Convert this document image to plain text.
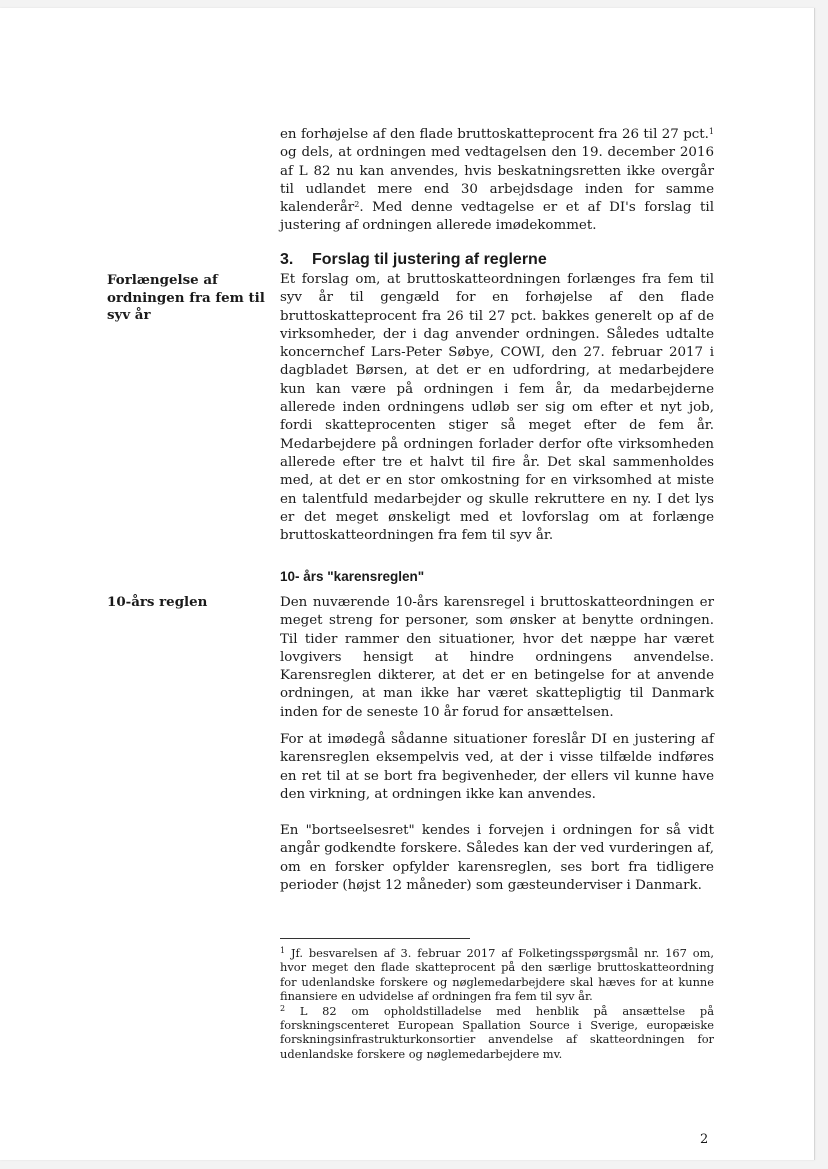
en forhøjelse af den flade bruttoskatteprocent fra 26 til 27 pct.$^1$ og dels, at ordningen med vedtagelsen den 19. december 2016 af L 82 nu kan anvendes, hvis beskatningsretten ikke overgår til udlandet mere end 30 arbejdsdage inden for samme kalenderår$^2$. Med denne vedtagelse er et af DI's forslag til justering af ordningen allerede imødekommet.

3. Forslag til justering af reglerne

Forlængelse af ordningen fra fem til syv år

Et forslag om, at bruttoskatteordningen forlænges fra fem til syv år til gengæld for en forhøjelse af den flade bruttoskatteprocent fra 26 til 27 pct. bakkes generelt op af de virksomheder, der i dag anvender ordningen. Således udtalte koncernchef Lars-Peter Søbye, COWI, den 27. februar 2017 i dagbladet Børsen, at det er en udfordring, at medarbejdere kun kan være på ordningen i fem år, da medarbejderne allerede inden ordningens udløb ser sig om efter et nyt job, fordi skatteprocenten stiger så meget efter de fem år. Medarbejdere på ordningen forlader derfor ofte virksomheden allerede efter tre et halvt til fire år. Det skal sammenholdes med, at det er en stor omkostning for en virksomhed at miste en talentfuld medarbejder og skulle rekruttere en ny. I det lys er det meget ønskeligt med et lovforslag om at forlænge bruttoskatteordningen fra fem til syv år.

10- års "karensreglen"

10-års reglen	Den nuværende 10-års karensregel i bruttoskatteordningen er meget streng for personer, som ønsker at benytte ordningen. Til tider rammer den situationer, hvor det næppe har været lovgivers hensigt at hindre ordningens anvendelse. Karensreglen dikterer, at det er en betingelse for at anvende ordningen, at man ikke har været skattepligtig til Danmark inden for de seneste 10 år forud for ansættelsen.

For at imødegå sådanne situationer foreslår DI en justering af karensreglen eksempelvis ved, at der i visse tilfælde indføres en ret til at se bort fra begivenheder, der ellers vil kunne have den virkning, at ordningen ikke kan anvendes.

En "bortseelsesret" kendes i forvejen i ordningen for så vidt angår godkendte forskere. Således kan der ved vurderingen af, om en forsker opfylder karensreglen, ses bort fra tidligere perioder (højst 12 måneder) som gæsteunderviser i Danmark.

$^1$ Jf. besvarelsen af 3. februar 2017 af Folketingsspørgsmål nr. 167 om, hvor meget den flade skatteprocent på den særlige bruttoskatteordning for udenlandske forskere og nøglemedarbejdere skal hæves for at kunne finansiere en udvidelse af ordningen fra fem til syv år.

$^2$ L 82 om opholdstilladelse med henblik på ansættelse på forskningscenteret European Spallation Source i Sverige, europæiske forskningsinfrastrukturkonsortier anvendelse af skatteordningen for udenlandske forskere og nøglemedarbejdere mv.

2
